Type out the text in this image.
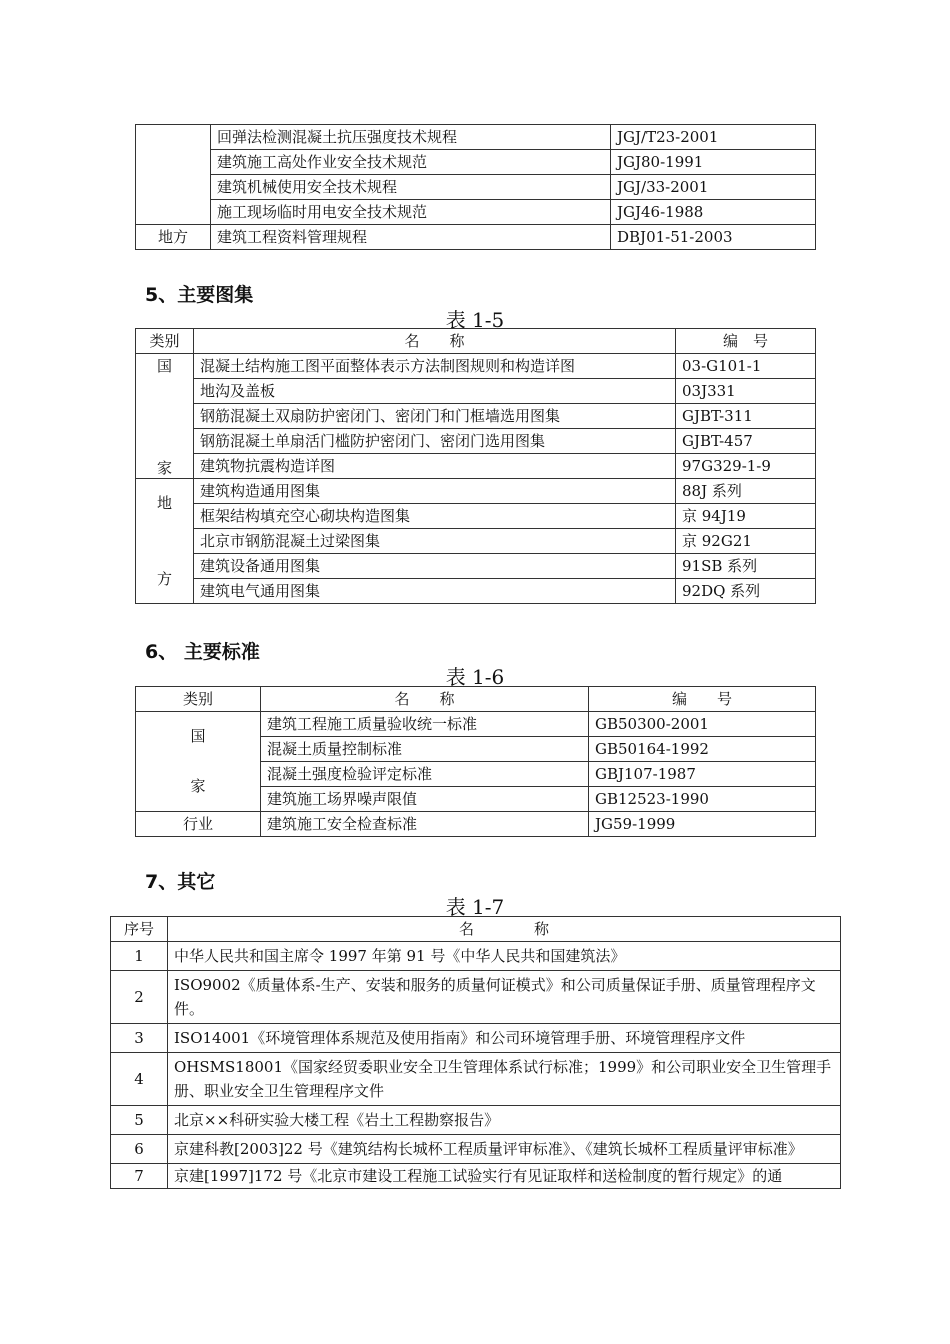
	回弹法检测混凝土抗压强度技术规程	JGJ/T23-2001
	建筑施工高处作业安全技术规范	JGJ80-1991
	建筑机械使用安全技术规程	JGJ/33-2001
	施工现场临时用电安全技术规范	JGJ46-1988
地方	建筑工程资料管理规程	DBJ01-51-2003
5、主要图集
表 1-5
类别	名　　称	编　号

国
家	混凝土结构施工图平面整体表示方法制图规则和构造详图	03-G101-1
	地沟及盖板	03J331
	钢筋混凝土双扇防护密闭门、密闭门和门框墙选用图集	GJBT-311
	钢筋混凝土单扇活门槛防护密闭门、密闭门选用图集	GJBT-457
	建筑物抗震构造详图	97G329-1-9

地
方	建筑构造通用图集	88J 系列
	框架结构填充空心砌块构造图集	京 94J19
	北京市钢筋混凝土过梁图集	京 92G21
	建筑设备通用图集	91SB 系列
	建筑电气通用图集	92DQ 系列
6、 主要标准
表 1-6
类别	名　　称	编　　号

国
家	建筑工程施工质量验收统一标准	GB50300-2001
	混凝土质量控制标准	GB50164-1992
	混凝土强度检验评定标准	GBJ107-1987
	建筑施工场界噪声限值	GB12523-1990
行业	建筑施工安全检查标准	JG59-1999
7、其它
表 1-7
序号	名　　　　称
1	中华人民共和国主席令 1997 年第 91 号《中华人民共和国建筑法》
2	ISO9002《质量体系-生产、安装和服务的质量何证模式》和公司质量保证手册、质量管理程序文件。
3	ISO14001《环境管理体系规范及使用指南》和公司环境管理手册、环境管理程序文件
4	OHSMS18001《国家经贸委职业安全卫生管理体系试行标准；1999》和公司职业安全卫生管理手册、职业安全卫生管理程序文件
5	北京××科研实验大楼工程《岩土工程勘察报告》
6	京建科教[2003]22 号《建筑结构长城杯工程质量评审标准》、《建筑长城杯工程质量评审标准》
7	京建[1997]172 号《北京市建设工程施工试验实行有见证取样和送检制度的暂行规定》的通
